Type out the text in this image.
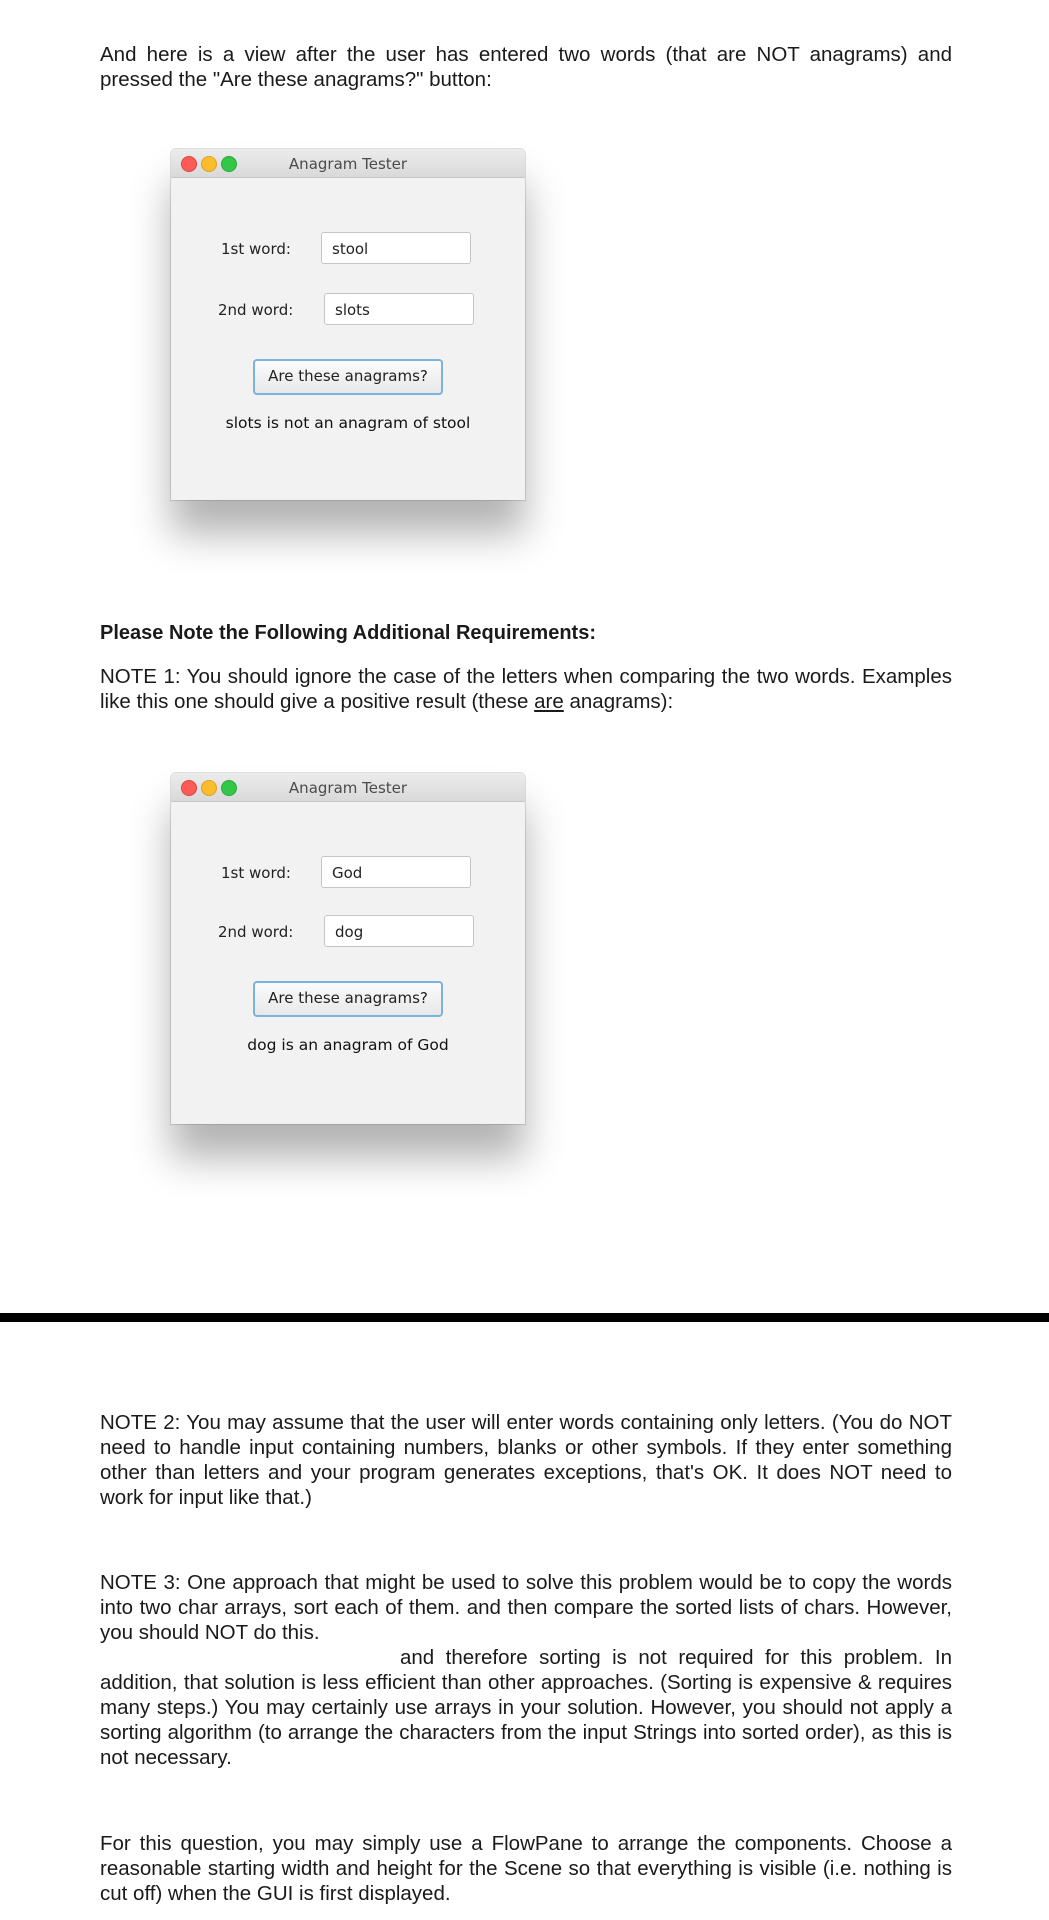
And here is a view after the user has entered two words (that are NOT anagrams) and pressed the "Are these anagrams?" button:

Anagram Tester
1st word:	stool
2nd word:	slots
Are these anagrams?
slots is not an anagram of stool

Please Note the Following Additional Requirements:

NOTE 1: You should ignore the case of the letters when comparing the two words. Examples like this one should give a positive result (these are anagrams):

Anagram Tester
1st word:	God
2nd word:	dog
Are these anagrams?
dog is an anagram of God

NOTE 2: You may assume that the user will enter words containing only letters. (You do NOT need to handle input containing numbers, blanks or other symbols. If they enter something other than letters and your program generates exceptions, that's OK. It does NOT need to work for input like that.)

NOTE 3: One approach that might be used to solve this problem would be to copy the words into two char arrays, sort each of them. and then compare the sorted lists of chars. However, you should NOT do this.

and therefore sorting is not required for this problem. In addition, that solution is less efficient than other approaches. (Sorting is expensive & requires many steps.) You may certainly use arrays in your solution. However, you should not apply a sorting algorithm (to arrange the characters from the input Strings into sorted order), as this is not necessary.

For this question, you may simply use a FlowPane to arrange the components. Choose a reasonable starting width and height for the Scene so that everything is visible (i.e. nothing is cut off) when the GUI is first displayed.
